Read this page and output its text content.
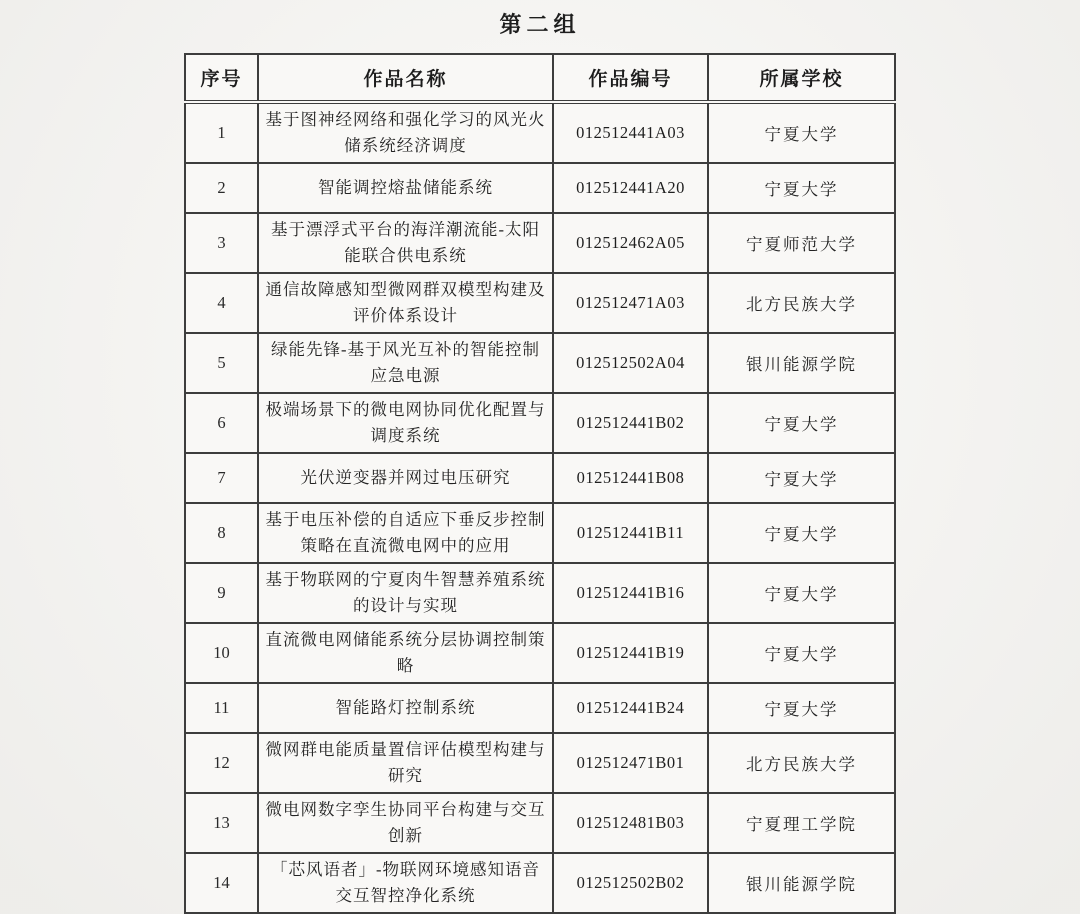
第二组
序号	作品名称	作品编号	所属学校
1	基于图神经网络和强化学习的风光火储系统经济调度	012512441A03	宁夏大学
2	智能调控熔盐储能系统	012512441A20	宁夏大学
3	基于漂浮式平台的海洋潮流能-太阳能联合供电系统	012512462A05	宁夏师范大学
4	通信故障感知型微网群双模型构建及评价体系设计	012512471A03	北方民族大学
5	绿能先锋-基于风光互补的智能控制应急电源	012512502A04	银川能源学院
6	极端场景下的微电网协同优化配置与调度系统	012512441B02	宁夏大学
7	光伏逆变器并网过电压研究	012512441B08	宁夏大学
8	基于电压补偿的自适应下垂反步控制策略在直流微电网中的应用	012512441B11	宁夏大学
9	基于物联网的宁夏肉牛智慧养殖系统的设计与实现	012512441B16	宁夏大学
10	直流微电网储能系统分层协调控制策略	012512441B19	宁夏大学
11	智能路灯控制系统	012512441B24	宁夏大学
12	微网群电能质量置信评估模型构建与研究	012512471B01	北方民族大学
13	微电网数字孪生协同平台构建与交互创新	012512481B03	宁夏理工学院
14	「芯风语者」-物联网环境感知语音交互智控净化系统	012512502B02	银川能源学院
